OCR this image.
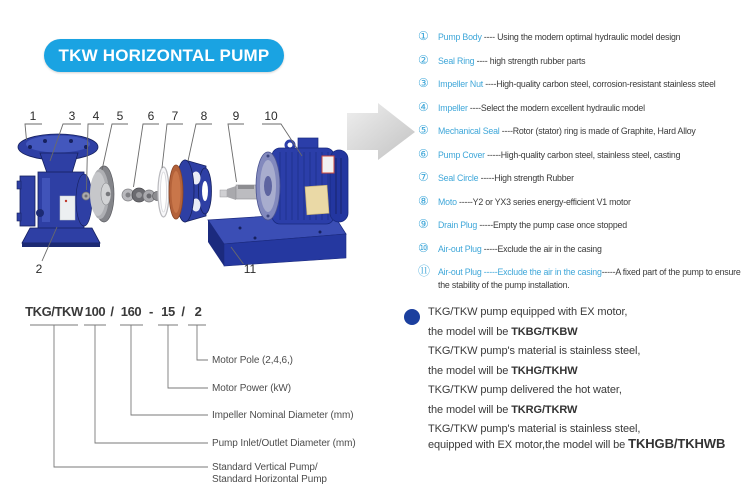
TKW HORIZONTAL PUMP
1	3 4 5 6 7 8 9 10
2	11
① Pump Body ---- Using the modern optimal hydraulic model design
② Seal Ring ---- high strength rubber parts
③ Impeller Nut ----High-quality carbon steel, corrosion-resistant stainless steel
④ Impeller ----Select the modern excellent hydraulic model
⑤ Mechanical Seal ----Rotor (stator) ring is made of Graphite, Hard Alloy
⑥ Pump Cover -----High-quality carbon steel, stainless steel, casting
⑦ Seal Circle -----High strength Rubber
⑧ Moto -----Y2 or YX3 series energy-efficient V1 motor
⑨ Drain Plug -----Empty the pump case once stopped
⑩ Air-out Plug -----Exclude the air in the casing
⑪ Air-out Plug -----Exclude the air in the casing-----A fixed part of the pump to ensure the stability of the pump installation.
TKG/TKW 100 / 160 - 15 / 2
Motor Pole (2,4,6,)
Motor Power (kW)
Impeller Nominal Diameter (mm)
Pump Inlet/Outlet Diameter (mm)
Standard Vertical Pump/
Standard Horizontal Pump
TKG/TKW pump equipped with EX motor,
the model will be TKBG/TKBW
TKG/TKW pump's material is stainless steel,
the model will be TKHG/TKHW
TKG/TKW pump delivered the hot water,
the model will be TKRG/TKRW
TKG/TKW pump's material is stainless steel,
equipped with EX motor,the model will be TKHGB/TKHWB
